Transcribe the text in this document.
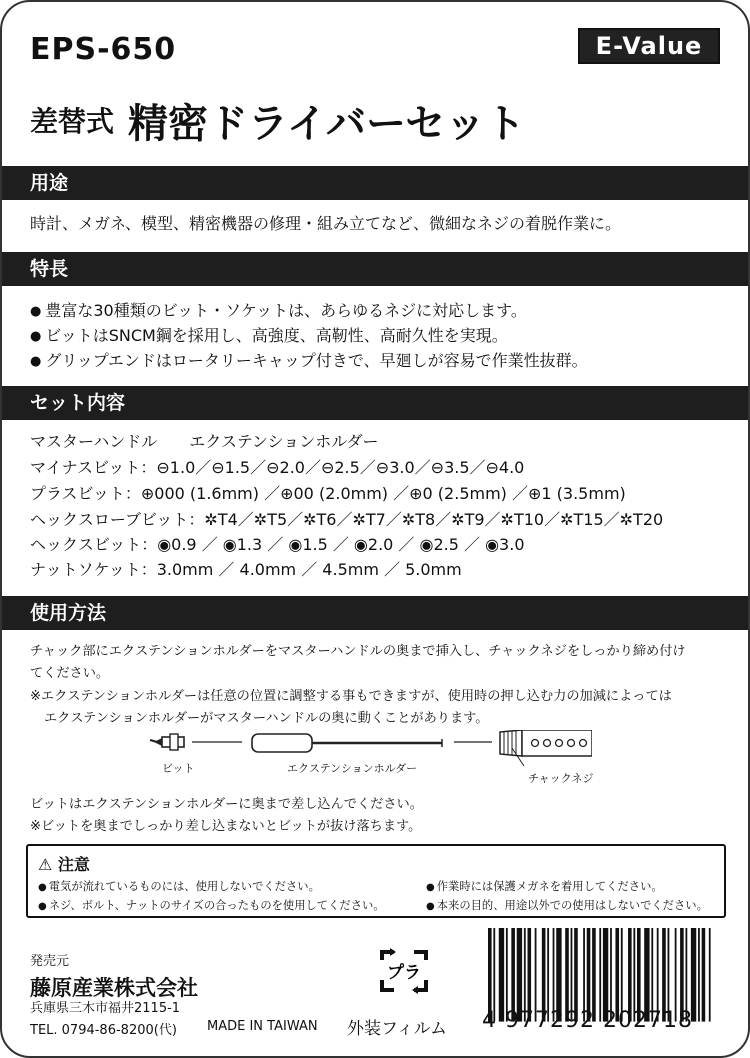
EPS-650	E-Value
差替式 精密ドライバーセット
用途
時計、メガネ、模型、精密機器の修理・組み立てなど、微細なネジの着脱作業に。
特長
● 豊富な30種類のビット・ソケットは、あらゆるネジに対応します。
● ビットはSNCM鋼を採用し、高強度、高靭性、高耐久性を実現。
● グリップエンドはロータリーキャップ付きで、早廻しが容易で作業性抜群。
セット内容
マスターハンドル　　エクステンションホルダー
マイナスビット：⊖1.0／⊖1.5／⊖2.0／⊖2.5／⊖3.0／⊖3.5／⊖4.0
プラスビット：⊕000 (1.6mm) ／⊕00 (2.0mm) ／⊕0 (2.5mm) ／⊕1 (3.5mm)
ヘックスローブビット：✲T4／✲T5／✲T6／✲T7／✲T8／✲T9／✲T10／✲T15／✲T20
ヘックスビット：◉0.9 ／ ◉1.3 ／ ◉1.5 ／ ◉2.0 ／ ◉2.5 ／ ◉3.0
ナットソケット：3.0mm ／ 4.0mm ／ 4.5mm ／ 5.0mm
使用方法
チャック部にエクステンションホルダーをマスターハンドルの奥まで挿入し、チャックネジをしっかり締め付け
てください。
※エクステンションホルダーは任意の位置に調整する事もできますが、使用時の押し込む力の加減によっては
エクステンションホルダーがマスターハンドルの奥に動くことがあります。
ビット	エクステンションホルダー
チャックネジ
ビットはエクステンションホルダーに奥まで差し込んでください。
※ビットを奥までしっかり差し込まないとビットが抜け落ちます。
⚠ 注意
● 電気が流れているものには、使用しないでください。
● ネジ、ボルト、ナットのサイズの合ったものを使用してください。
● 作業時には保護メガネを着用してください。
● 本来の目的、用途以外での使用はしないでください。
発売元
藤原産業株式会社
兵庫県三木市福井2115-1
TEL. 0794-86-8200(代) MADE IN TAIWAN
プラ
外装フィルム 4 977292 202718
